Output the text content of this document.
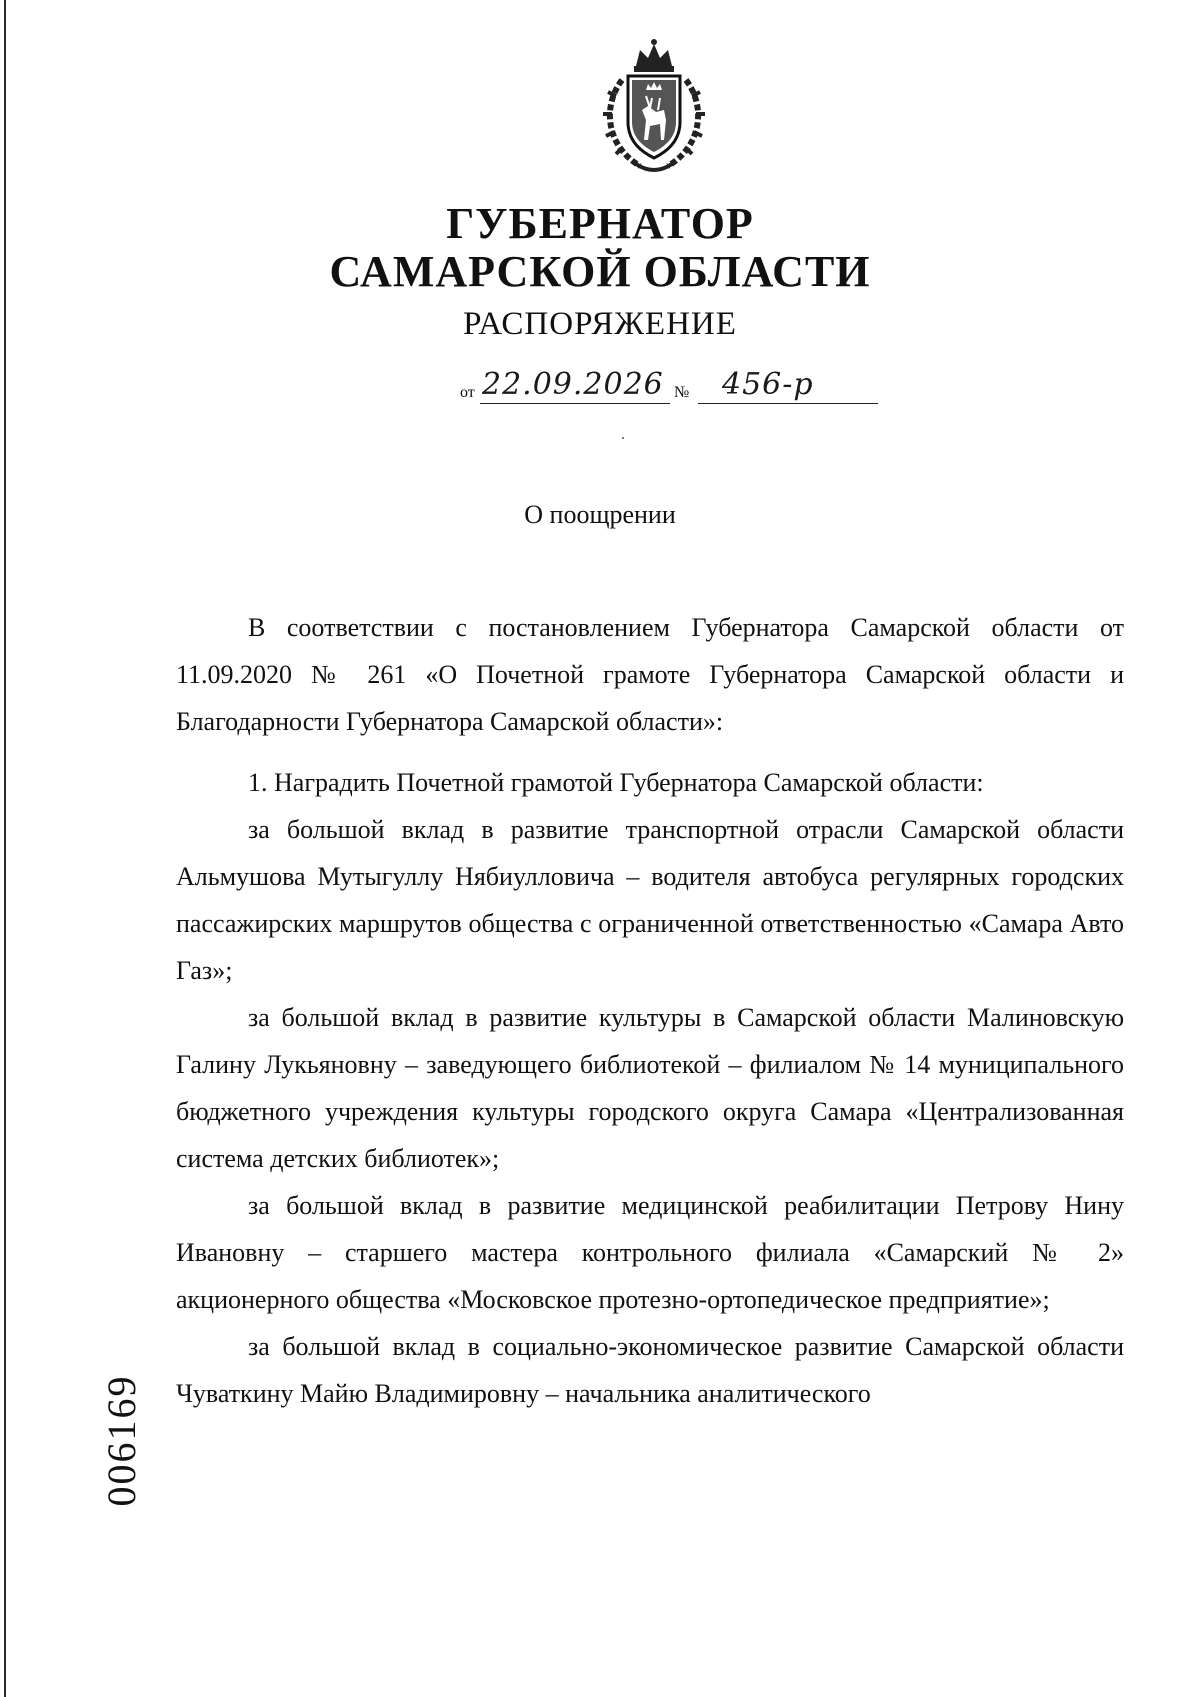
ГУБЕРНАТОР
САМАРСКОЙ ОБЛАСТИ
РАСПОРЯЖЕНИЕ
от 22.09.2026 № 456-р
О поощрении

В соответствии с постановлением Губернатора Самарской области от 11.09.2020 № 261 «О Почетной грамоте Губернатора Самарской области и Благодарности Губернатора Самарской области»:

1. Наградить Почетной грамотой Губернатора Самарской области:

за большой вклад в развитие транспортной отрасли Самарской области Альмушова Мутыгуллу Нябиулловича – водителя автобуса регулярных городских пассажирских маршрутов общества с ограниченной ответственностью «Самара Авто Газ»;

за большой вклад в развитие культуры в Самарской области Малиновскую Галину Лукьяновну – заведующего библиотекой – филиалом № 14 муниципального бюджетного учреждения культуры городского округа Самара «Централизованная система детских библиотек»;

за большой вклад в развитие медицинской реабилитации Петрову Нину Ивановну – старшего мастера контрольного филиала «Самарский № 2» акционерного общества «Московское протезно-ортопедическое предприятие»;

за большой вклад в социально-экономическое развитие Самарской области Чуваткину Майю Владимировну – начальника аналитического

006169
